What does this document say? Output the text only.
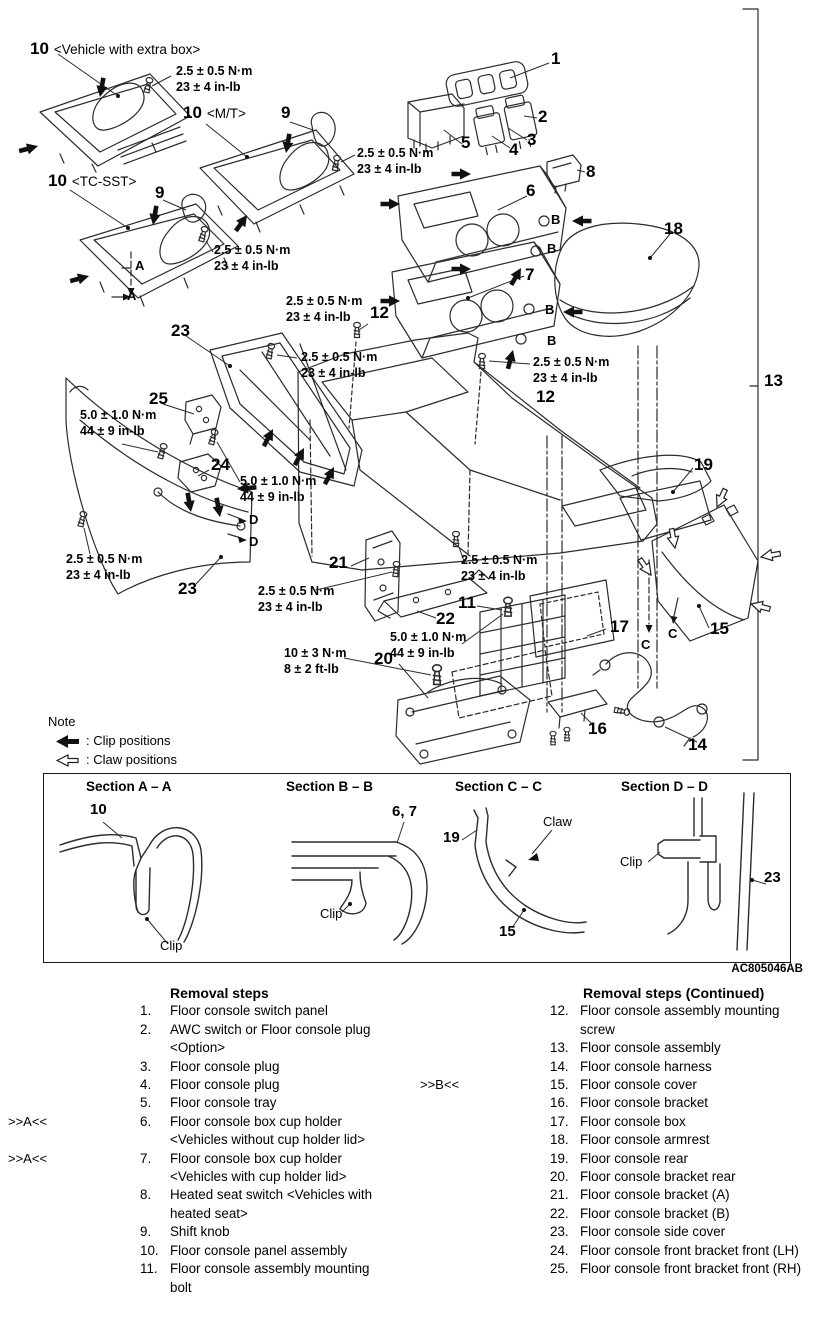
10 <Vehicle with extra box>
2.5 ± 0.5 N·m
23 ± 4 in-lb
10 <M/T> 9
2.5 ± 0.5 N·m
23 ± 4 in-lb
10 <TC-SST>
9
2.5 ± 0.5 N·m
23 ± 4 in-lb
A
A
1
2
3
4
5
8
6
B
B
18
7
B
B
2.5 ± 0.5 N·m
23 ± 4 in-lb	12
2.5 ± 0.5 N·m
23 ± 4 in-lb
12
13
23
2.5 ± 0.5 N·m
23 ± 4 in-lb
25
5.0 ± 1.0 N·m
44 ± 9 in-lb
24
5.0 ± 1.0 N·m
44 ± 9 in-lb
19
D
D
2.5 ± 0.5 N·m
23 ± 4 in-lb
21	2.5 ± 0.5 N·m
23 ± 4 in-lb
23	2.5 ± 0.5 N·m
23 ± 4 in-lb	11
22
5.0 ± 1.0 N·m
44 ± 9 in-lb
17	15
10 ± 3 N·m
8 ± 2 ft-lb
C
C
20
16
14
Note
: Clip positions
: Claw positions
Section A – A	Section B – B	Section C – C	Section D – D
10
Clip
6, 7
Clip
19
Claw
15
Clip
23
AC805046AB
Removal steps
1.	Floor console switch panel
2.	AWC switch or Floor console plug <Option>
3.	Floor console plug
4.	Floor console plug
5.	Floor console tray
>>A<<	6.	Floor console box cup holder <Vehicles without cup holder lid>
>>A<<	7.	Floor console box cup holder <Vehicles with cup holder lid>
8.	Heated seat switch <Vehicles with heated seat>
9.	Shift knob
10. Floor console panel assembly
11. Floor console assembly mounting bolt
Removal steps (Continued)
12. Floor console assembly mounting screw
13. Floor console assembly
14. Floor console harness
>>B<<	15. Floor console cover
16. Floor console bracket
17. Floor console box
18. Floor console armrest
19. Floor console rear
20. Floor console bracket rear
21. Floor console bracket (A)
22. Floor console bracket (B)
23. Floor console side cover
24. Floor console front bracket front (LH)
25. Floor console front bracket front (RH)
